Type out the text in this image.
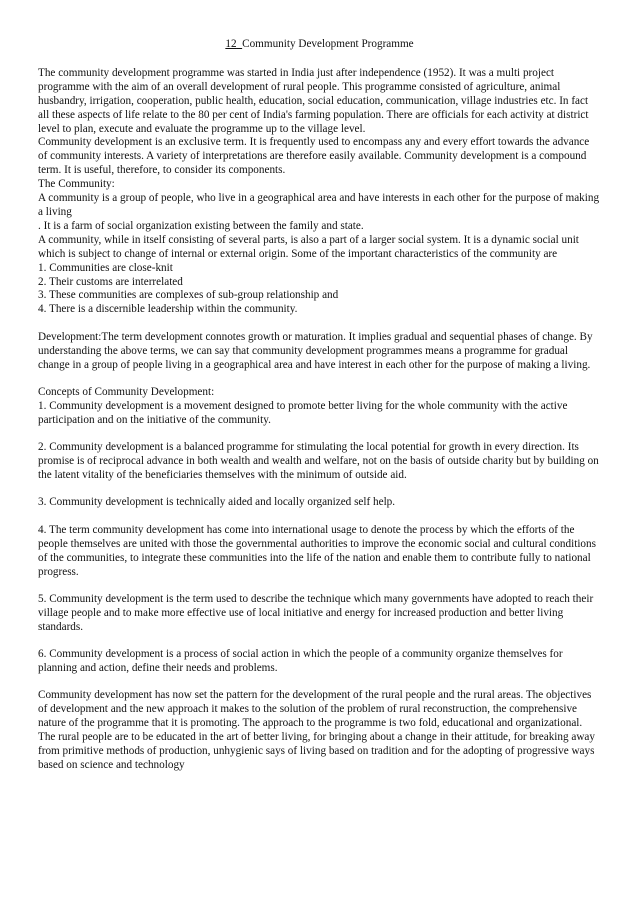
12 Community Development Programme

The community development programme was started in India just after independence (1952). It was a multi project programme with the aim of an overall development of rural people. This programme consisted of agriculture, animal husbandry, irrigation, cooperation, public health, education, social education, communication, village industries etc. In fact all these aspects of life relate to the 80 per cent of India's farming population. There are officials for each activity at district level to plan, execute and evaluate the programme up to the village level.

Community development is an exclusive term. It is frequently used to encompass any and every effort towards the advance of community interests. A variety of interpretations are therefore easily available. Community development is a compound term. It is useful, therefore, to consider its components.

The Community:

A community is a group of people, who live in a geographical area and have interests in each other for the purpose of making a living

. It is a farm of social organization existing between the family and state.

A community, while in itself consisting of several parts, is also a part of a larger social system. It is a dynamic social unit which is subject to change of internal or external origin. Some of the important characteristics of the community are

1. Communities are close-knit

2. Their customs are interrelated

3. These communities are complexes of sub-group relationship and

4. There is a discernible leadership within the community.

Development:The term development connotes growth or maturation. It implies gradual and sequential phases of change. By understanding the above terms, we can say that community development programmes means a programme for gradual change in a group of people living in a geographical area and have interest in each other for the purpose of making a living.

Concepts of Community Development:

1. Community development is a movement designed to promote better living for the whole community with the active participation and on the initiative of the community.

2. Community development is a balanced programme for stimulating the local potential for growth in every direction. Its promise is of reciprocal advance in both wealth and wealth and welfare, not on the basis of outside charity but by building on the latent vitality of the beneficiaries themselves with the minimum of outside aid.

3. Community development is technically aided and locally organized self help.

4. The term community development has come into international usage to denote the process by which the efforts of the people themselves are united with those the governmental authorities to improve the economic social and cultural conditions of the communities, to integrate these communities into the life of the nation and enable them to contribute fully to national progress.

5. Community development is the term used to describe the technique which many governments have adopted to reach their village people and to make more effective use of local initiative and energy for increased production and better living standards.

6. Community development is a process of social action in which the people of a community organize themselves for planning and action, define their needs and problems.

Community development has now set the pattern for the development of the rural people and the rural areas. The objectives of development and the new approach it makes to the solution of the problem of rural reconstruction, the comprehensive nature of the programme that it is promoting. The approach to the programme is two fold, educational and organizational. The rural people are to be educated in the art of better living, for bringing about a change in their attitude, for breaking away from primitive methods of production, unhygienic says of living based on tradition and for the adopting of progressive ways based on science and technology
